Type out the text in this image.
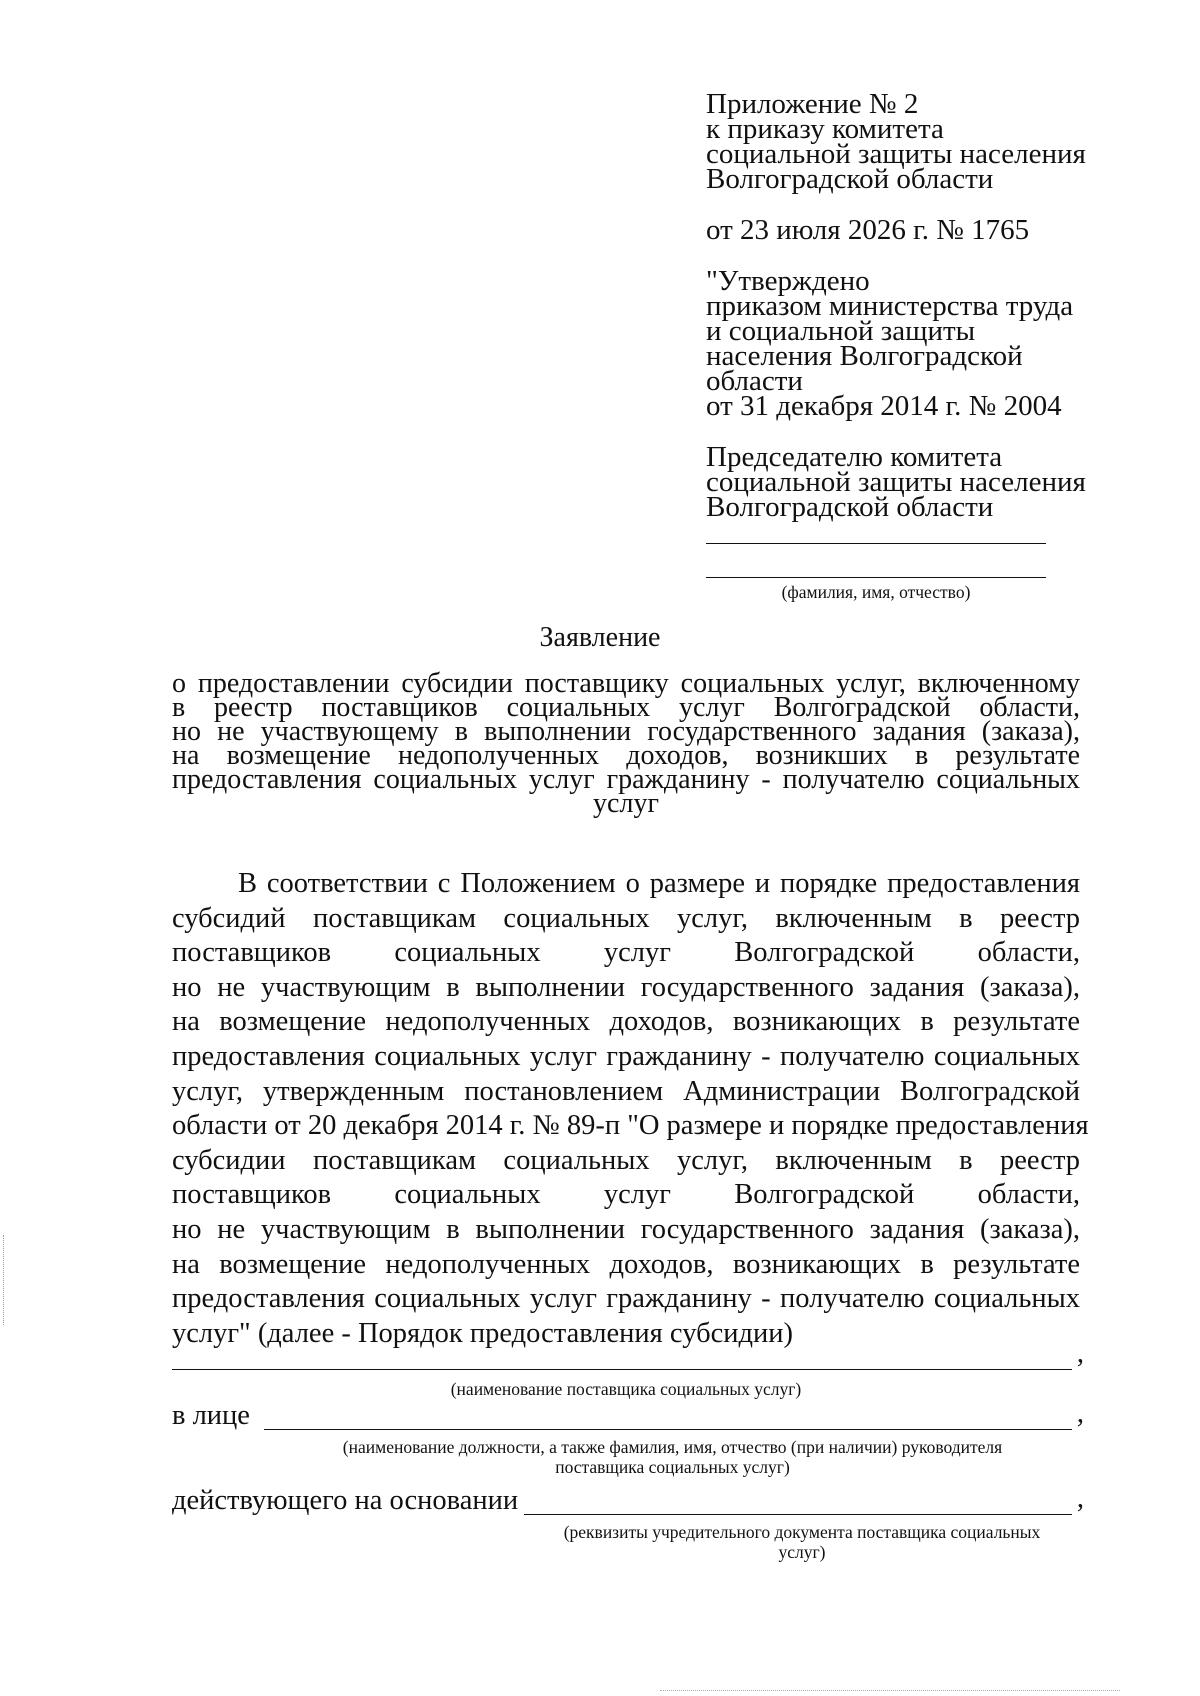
Приложение № 2
к приказу комитета
социальной защиты населения
Волгоградской области
от 23 июля 2026 г. № 1765
"Утверждено
приказом министерства труда
и социальной защиты
населения Волгоградской
области
от 31 декабря 2014 г. № 2004
Председателю комитета
социальной защиты населения
Волгоградской области
(фамилия, имя, отчество)
Заявление
о предоставлении субсидии поставщику социальных услуг, включенному
в реестр поставщиков социальных услуг Волгоградской области,
но не участвующему в выполнении государственного задания (заказа),
на возмещение недополученных доходов, возникших в результате
предоставления социальных услуг гражданину - получателю социальных
услуг
В соответствии с Положением о размере и порядке предоставления
субсидий поставщикам социальных услуг, включенным в реестр
поставщиков социальных услуг Волгоградской области,
но не участвующим в выполнении государственного задания (заказа),
на возмещение недополученных доходов, возникающих в результате
предоставления социальных услуг гражданину - получателю социальных
услуг, утвержденным постановлением Администрации Волгоградской
области от 20 декабря 2014 г. № 89-п "О размере и порядке предоставления
субсидии поставщикам социальных услуг, включенным в реестр
поставщиков социальных услуг Волгоградской области,
но не участвующим в выполнении государственного задания (заказа),
на возмещение недополученных доходов, возникающих в результате
предоставления социальных услуг гражданину - получателю социальных
услуг" (далее - Порядок предоставления субсидии)
,
(наименование поставщика социальных услуг)
в лице	,
(наименование должности, а также фамилия, имя, отчество (при наличии) руководителя
поставщика социальных услуг)
действующего на основании	,
(реквизиты учредительного документа поставщика социальных
услуг)
